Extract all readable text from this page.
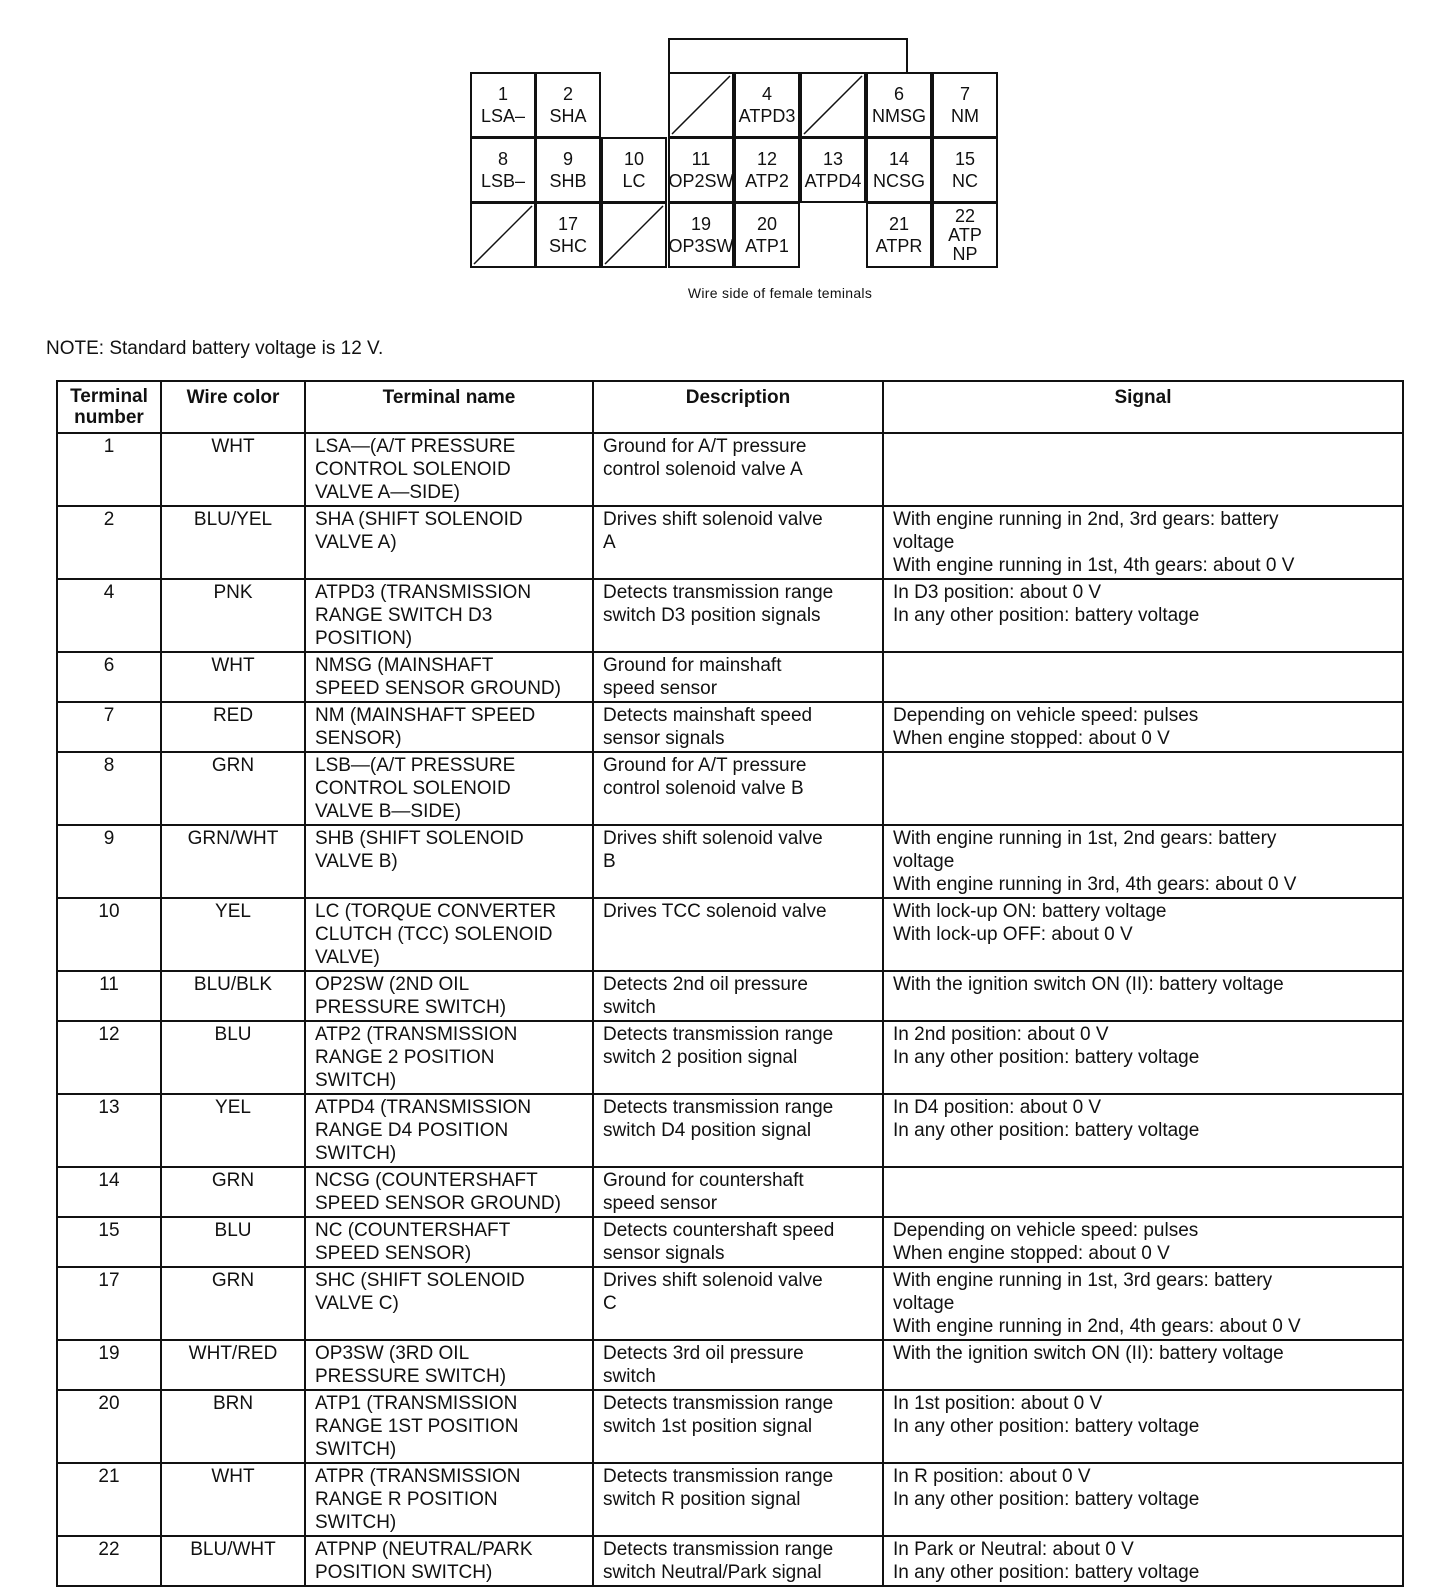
1
LSA–
2
SHA
4
ATPD3
6
NMSG
7
NM
8
LSB–
9
SHB
10
LC
11
OP2SW
12
ATP2
13
ATPD4
14
NCSG
15
NC
17
SHC
19
OP3SW
20
ATP1
21
ATPR
22
ATP
NP
Wire side of female teminals
NOTE: Standard battery voltage is 12 V.
Terminal
number	Wire color	Terminal name	Description	Signal
1	WHT	LSA—(A/T PRESSURE
CONTROL SOLENOID
VALVE A—SIDE)	Ground for A/T pressure
control solenoid valve A	

2	BLU/YEL	SHA (SHIFT SOLENOID
VALVE A)	Drives shift solenoid valve
A	With engine running in 2nd, 3rd gears: battery
voltage
With engine running in 1st, 4th gears: about 0 V

4	PNK	ATPD3 (TRANSMISSION
RANGE SWITCH D3
POSITION)	Detects transmission range
switch D3 position signals	In D3 position: about 0 V
In any other position: battery voltage

6	WHT	NMSG (MAINSHAFT
SPEED SENSOR GROUND)	Ground for mainshaft
speed sensor	

7	RED	NM (MAINSHAFT SPEED
SENSOR)	Detects mainshaft speed
sensor signals	Depending on vehicle speed: pulses
When engine stopped: about 0 V

8	GRN	LSB—(A/T PRESSURE
CONTROL SOLENOID
VALVE B—SIDE)	Ground for A/T pressure
control solenoid valve B	

9	GRN/WHT	SHB (SHIFT SOLENOID
VALVE B)	Drives shift solenoid valve
B	With engine running in 1st, 2nd gears: battery
voltage
With engine running in 3rd, 4th gears: about 0 V

10	YEL	LC (TORQUE CONVERTER
CLUTCH (TCC) SOLENOID
VALVE)	Drives TCC solenoid valve	With lock-up ON: battery voltage
With lock-up OFF: about 0 V

11	BLU/BLK	OP2SW (2ND OIL
PRESSURE SWITCH)	Detects 2nd oil pressure
switch	With the ignition switch ON (II): battery voltage

12	BLU	ATP2 (TRANSMISSION
RANGE 2 POSITION
SWITCH)	Detects transmission range
switch 2 position signal	In 2nd position: about 0 V
In any other position: battery voltage

13	YEL	ATPD4 (TRANSMISSION
RANGE D4 POSITION
SWITCH)	Detects transmission range
switch D4 position signal	In D4 position: about 0 V
In any other position: battery voltage

14	GRN	NCSG (COUNTERSHAFT
SPEED SENSOR GROUND)	Ground for countershaft
speed sensor	

15	BLU	NC (COUNTERSHAFT
SPEED SENSOR)	Detects countershaft speed
sensor signals	Depending on vehicle speed: pulses
When engine stopped: about 0 V

17	GRN	SHC (SHIFT SOLENOID
VALVE C)	Drives shift solenoid valve
C	With engine running in 1st, 3rd gears: battery
voltage
With engine running in 2nd, 4th gears: about 0 V

19	WHT/RED	OP3SW (3RD OIL
PRESSURE SWITCH)	Detects 3rd oil pressure
switch	With the ignition switch ON (II): battery voltage

20	BRN	ATP1 (TRANSMISSION
RANGE 1ST POSITION
SWITCH)	Detects transmission range
switch 1st position signal	In 1st position: about 0 V
In any other position: battery voltage

21	WHT	ATPR (TRANSMISSION
RANGE R POSITION
SWITCH)	Detects transmission range
switch R position signal	In R position: about 0 V
In any other position: battery voltage

22	BLU/WHT	ATPNP (NEUTRAL/PARK
POSITION SWITCH)	Detects transmission range
switch Neutral/Park signal	In Park or Neutral: about 0 V
In any other position: battery voltage
